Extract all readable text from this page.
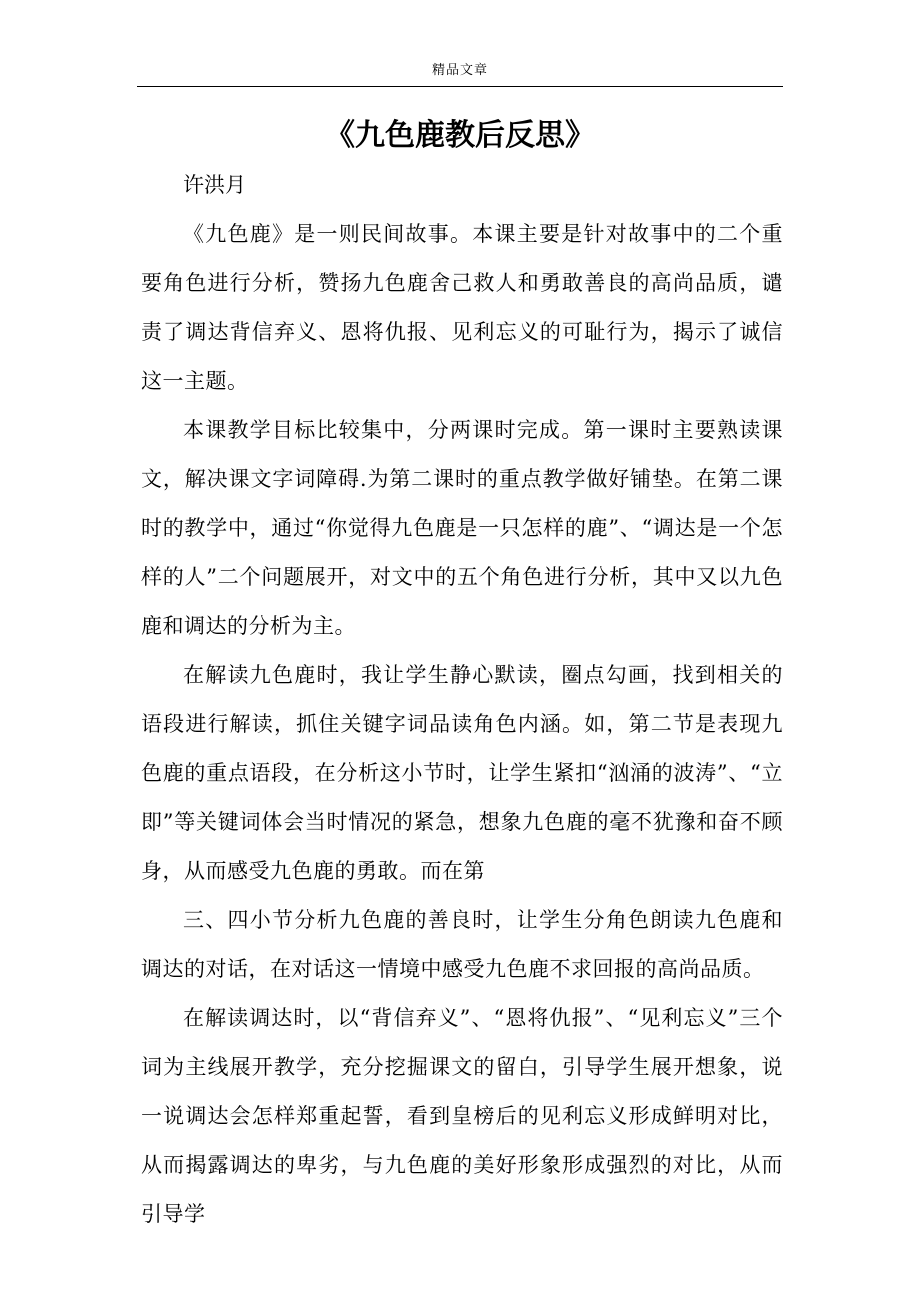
精品文章
《九色鹿教后反思》
许洪月

《九色鹿》是一则民间故事。本课主要是针对故事中的二个重要角色进行分析，赞扬九色鹿舍己救人和勇敢善良的高尚品质，谴责了调达背信弃义、恩将仇报、见利忘义的可耻行为，揭示了诚信这一主题。

本课教学目标比较集中，分两课时完成。第一课时主要熟读课文，解决课文字词障碍.为第二课时的重点教学做好铺垫。在第二课时的教学中，通过“你觉得九色鹿是一只怎样的鹿”、“调达是一个怎样的人”二个问题展开，对文中的五个角色进行分析，其中又以九色鹿和调达的分析为主。

在解读九色鹿时，我让学生静心默读，圈点勾画，找到相关的语段进行解读，抓住关键字词品读角色内涵。如，第二节是表现九色鹿的重点语段，在分析这小节时，让学生紧扣“汹涌的波涛”、“立即”等关键词体会当时情况的紧急，想象九色鹿的毫不犹豫和奋不顾身，从而感受九色鹿的勇敢。而在第

三、四小节分析九色鹿的善良时，让学生分角色朗读九色鹿和调达的对话，在对话这一情境中感受九色鹿不求回报的高尚品质。

在解读调达时，以“背信弃义”、“恩将仇报”、“见利忘义”三个词为主线展开教学，充分挖掘课文的留白，引导学生展开想象，说一说调达会怎样郑重起誓，看到皇榜后的见利忘义形成鲜明对比，从而揭露调达的卑劣，与九色鹿的美好形象形成强烈的对比，从而引导学
